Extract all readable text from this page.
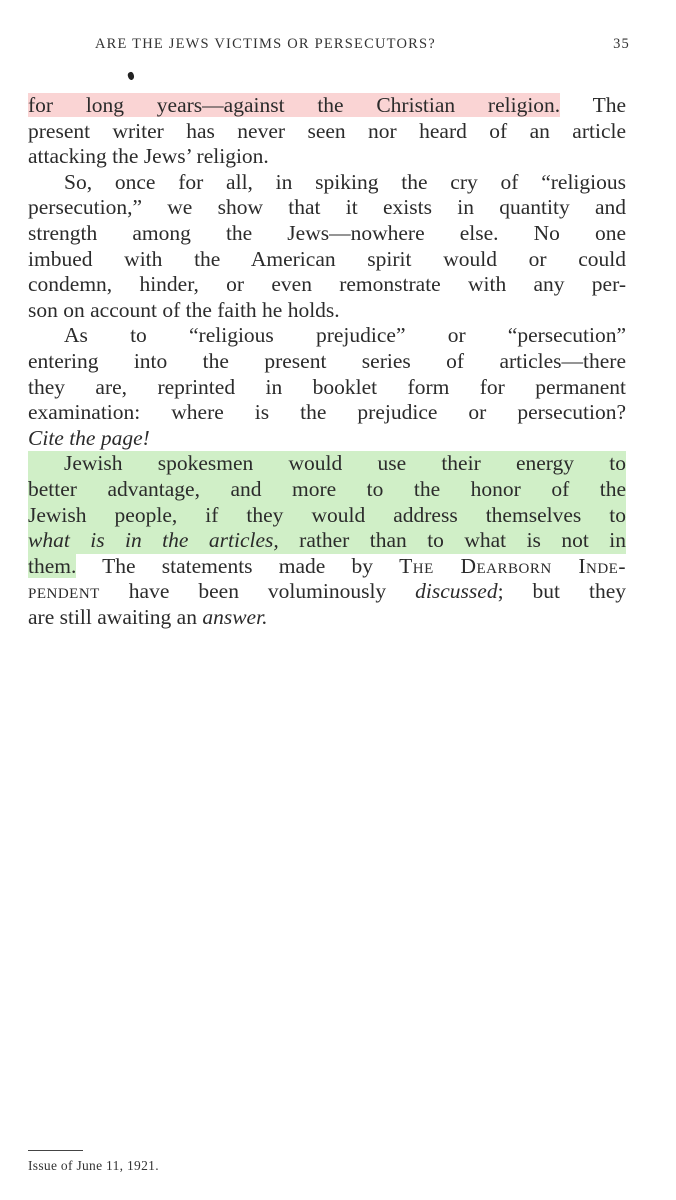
ARE THE JEWS VICTIMS OR PERSECUTORS?	35
for long years—against the Christian religion. The
present writer has never seen nor heard of an article
attacking the Jews’ religion.
So, once for all, in spiking the cry of “religious
persecution,” we show that it exists in quantity and
strength among the Jews—nowhere else. No one
imbued with the American spirit would or could
condemn, hinder, or even remonstrate with any per-
son on account of the faith he holds.
As to “religious prejudice” or “persecution”
entering into the present series of articles—there
they are, reprinted in booklet form for permanent
examination: where is the prejudice or persecution?
Cite the page!
Jewish spokesmen would use their energy to
better advantage, and more to the honor of the
Jewish people, if they would address themselves to
what is in the articles, rather than to what is not in
them. The statements made by The Dearborn Inde-
pendent have been voluminously discussed; but they
are still awaiting an answer.
Issue of June 11, 1921.
